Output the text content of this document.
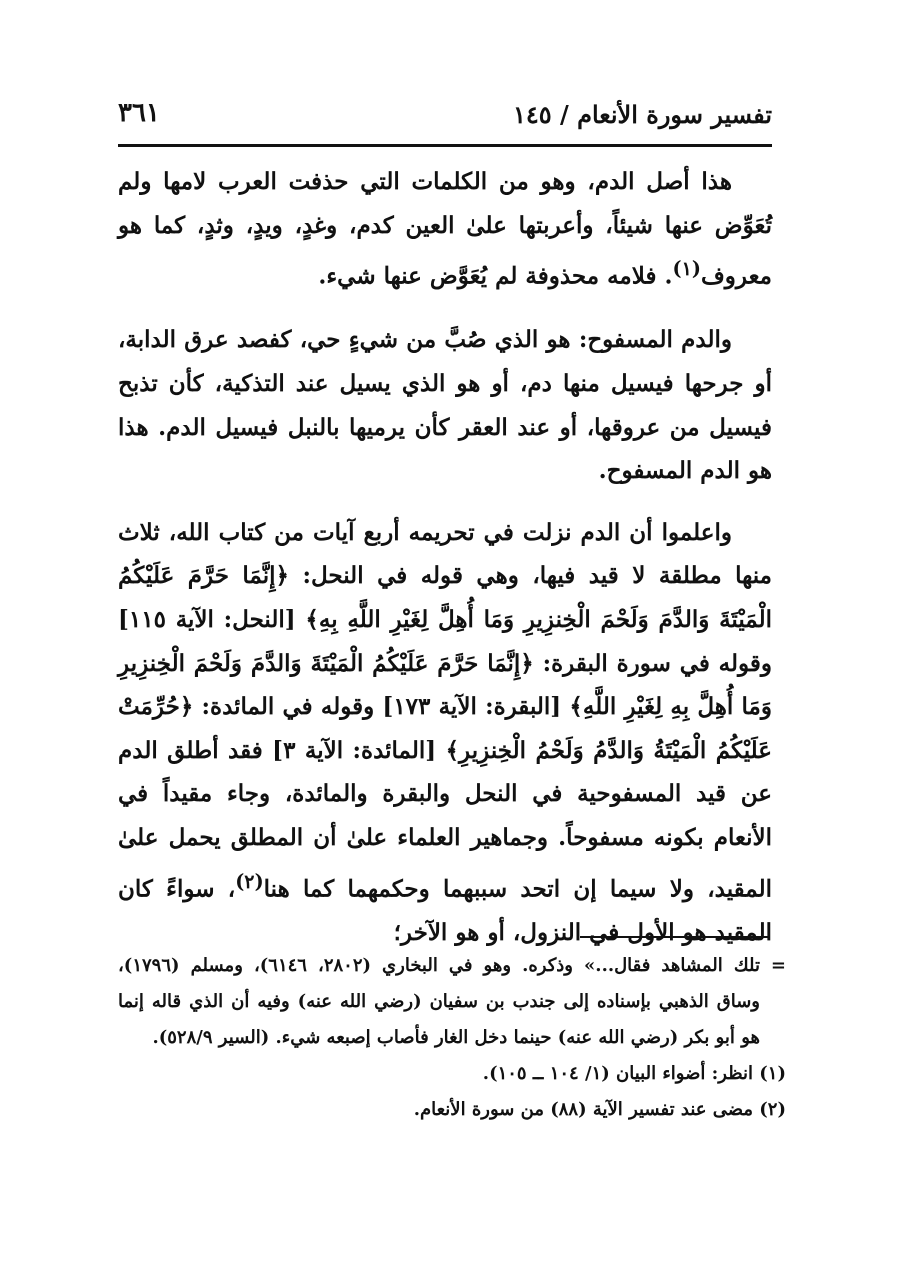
تفسير سورة الأنعام / ١٤٥
٣٦١

هذا أصل الدم، وهو من الكلمات التي حذفت العرب لامها ولم تُعَوِّض عنها شيئاً، وأعربتها علىٰ العين كدم، وغدٍ، ويدٍ، وثدٍ، كما هو معروف$^{(١)}$. فلامه محذوفة لم يُعَوَّض عنها شيء.

والدم المسفوح: هو الذي صُبَّ من شيءٍ حي، كفصد عرق الدابة، أو جرحها فيسيل منها دم، أو هو الذي يسيل عند التذكية، كأن تذبح فيسيل من عروقها، أو عند العقر كأن يرميها بالنبل فيسيل الدم. هذا هو الدم المسفوح.

واعلموا أن الدم نزلت في تحريمه أربع آيات من كتاب الله، ثلاث منها مطلقة لا قيد فيها، وهي قوله في النحل: ﴿إِنَّمَا حَرَّمَ عَلَيْكُمُ الْمَيْتَةَ وَالدَّمَ وَلَحْمَ الْخِنزِيرِ وَمَا أُهِلَّ لِغَيْرِ اللَّهِ بِهِ﴾ [النحل: الآية ١١٥] وقوله في سورة البقرة: ﴿إِنَّمَا حَرَّمَ عَلَيْكُمُ الْمَيْتَةَ وَالدَّمَ وَلَحْمَ الْخِنزِيرِ وَمَا أُهِلَّ بِهِ لِغَيْرِ اللَّهِ﴾ [البقرة: الآية ١٧٣] وقوله في المائدة: ﴿حُرِّمَتْ عَلَيْكُمُ الْمَيْتَةُ وَالدَّمُ وَلَحْمُ الْخِنزِيرِ﴾ [المائدة: الآية ٣] فقد أطلق الدم عن قيد المسفوحية في النحل والبقرة والمائدة، وجاء مقيداً في الأنعام بكونه مسفوحاً. وجماهير العلماء علىٰ أن المطلق يحمل علىٰ المقيد، ولا سيما إن اتحد سببهما وحكمهما كما هنا$^{(٢)}$، سواءً كان المقيد هو الأول في النزول، أو هو الآخر؛

=
تلك المشاهد فقال...» وذكره. وهو في البخاري (٢٨٠٢، ٦١٤٦)، ومسلم (١٧٩٦)، وساق الذهبي بإسناده إلى جندب بن سفيان (رضي الله عنه) وفيه أن الذي قاله إنما هو أبو بكر (رضي الله عنه) حينما دخل الغار فأصاب إصبعه شيء. (السير ٥٢٨/٩).

(١) انظر: أضواء البيان (١/ ١٠٤ ــ ١٠٥).

(٢) مضى عند تفسير الآية (٨٨) من سورة الأنعام.
